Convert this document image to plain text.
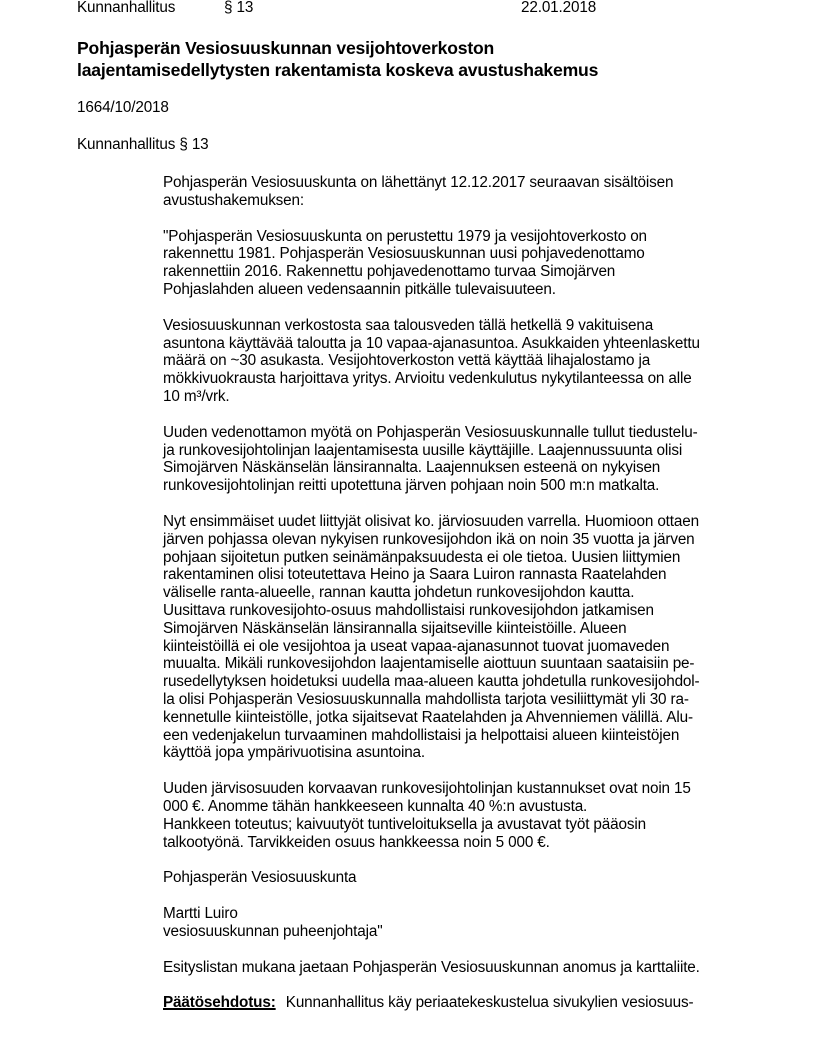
Kunnanhallitus	§ 13	22.01.2018
Pohjasperän Vesiosuuskunnan vesijohtoverkoston
laajentamisedellytysten rakentamista koskeva avustushakemus
1664/10/2018
Kunnanhallitus § 13
Pohjasperän Vesiosuuskunta on lähettänyt 12.12.2017 seuraavan sisältöisen
avustushakemuksen:
"Pohjasperän Vesiosuuskunta on perustettu 1979 ja vesijohtoverkosto on
rakennettu 1981. Pohjasperän Vesiosuuskunnan uusi pohjavedenottamo
rakennettiin 2016. Rakennettu pohjavedenottamo turvaa Simojärven
Pohjaslahden alueen vedensaannin pitkälle tulevaisuuteen.
Vesiosuuskunnan verkostosta saa talousveden tällä hetkellä 9 vakituisena
asuntona käyttävää taloutta ja 10 vapaa-ajanasuntoa. Asukkaiden yhteenlaskettu
määrä on ~30 asukasta. Vesijohtoverkoston vettä käyttää lihajalostamo ja
mökkivuokrausta harjoittava yritys. Arvioitu vedenkulutus nykytilanteessa on alle
10 m³/vrk.
Uuden vedenottamon myötä on Pohjasperän Vesiosuuskunnalle tullut tiedustelu-
ja runkovesijohtolinjan laajentamisesta uusille käyttäjille. Laajennussuunta olisi
Simojärven Näskänselän länsirannalta. Laajennuksen esteenä on nykyisen
runkovesijohtolinjan reitti upotettuna järven pohjaan noin 500 m:n matkalta.
Nyt ensimmäiset uudet liittyjät olisivat ko. järviosuuden varrella. Huomioon ottaen
järven pohjassa olevan nykyisen runkovesijohdon ikä on noin 35 vuotta ja järven
pohjaan sijoitetun putken seinämänpaksuudesta ei ole tietoa. Uusien liittymien
rakentaminen olisi toteutettava Heino ja Saara Luiron rannasta Raatelahden
väliselle ranta-alueelle, rannan kautta johdetun runkovesijohdon kautta.
Uusittava runkovesijohto-osuus mahdollistaisi runkovesijohdon jatkamisen
Simojärven Näskänselän länsirannalla sijaitseville kiinteistöille. Alueen
kiinteistöillä ei ole vesijohtoa ja useat vapaa-ajanasunnot tuovat juomaveden
muualta. Mikäli runkovesijohdon laajentamiselle aiottuun suuntaan saataisiin pe-
rusedellytyksen hoidetuksi uudella maa-alueen kautta johdetulla runkovesijohdol-
la olisi Pohjasperän Vesiosuuskunnalla mahdollista tarjota vesiliittymät yli 30 ra-
kennetulle kiinteistölle, jotka sijaitsevat Raatelahden ja Ahvenniemen välillä. Alu-
een vedenjakelun turvaaminen mahdollistaisi ja helpottaisi alueen kiinteistöjen
käyttöä jopa ympärivuotisina asuntoina.
Uuden järvisosuuden korvaavan runkovesijohtolinjan kustannukset ovat noin 15
000 €. Anomme tähän hankkeeseen kunnalta 40 %:n avustusta.
Hankkeen toteutus; kaivuutyöt tuntiveloituksella ja avustavat työt pääosin
talkootyönä. Tarvikkeiden osuus hankkeessa noin 5 000 €.
Pohjasperän Vesiosuuskunta
Martti Luiro
vesiosuuskunnan puheenjohtaja"
Esityslistan mukana jaetaan Pohjasperän Vesiosuuskunnan anomus ja karttaliite.
Päätösehdotus: Kunnanhallitus käy periaatekeskustelua sivukylien vesiosuus-
